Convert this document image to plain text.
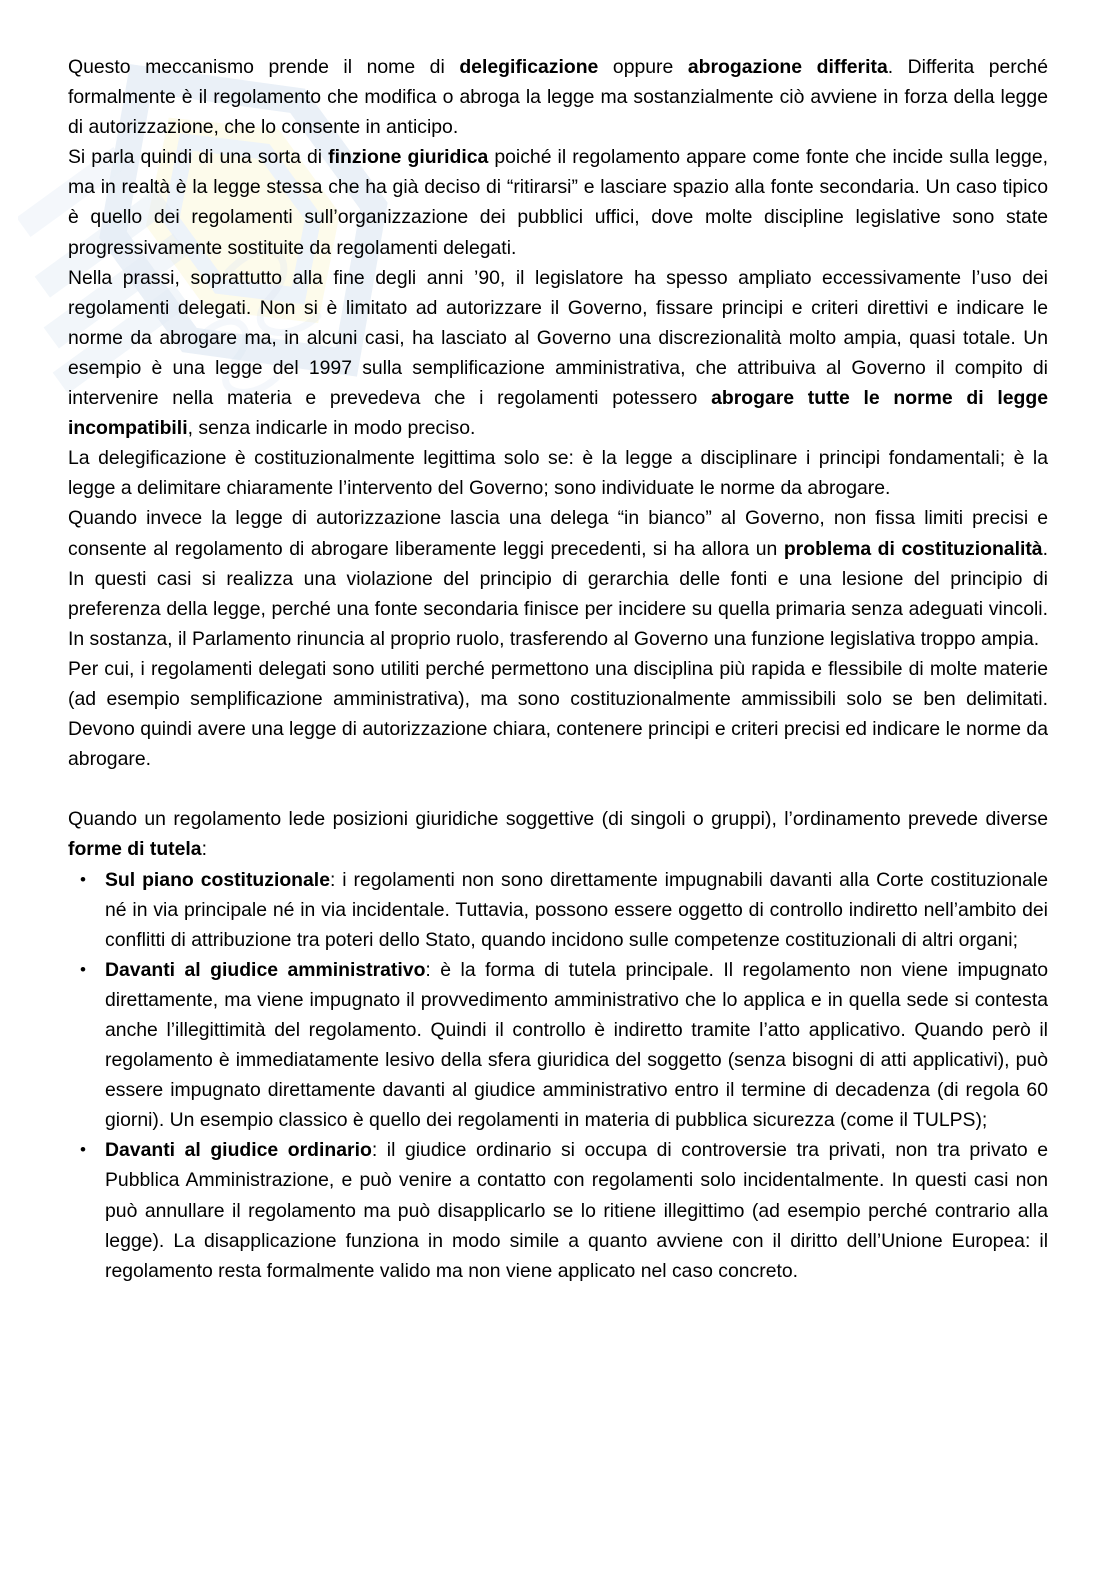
Questo meccanismo prende il nome di delegificazione oppure abrogazione differita. Differita perché formalmente è il regolamento che modifica o abroga la legge ma sostanzialmente ciò avviene in forza della legge di autorizzazione, che lo consente in anticipo.

Si parla quindi di una sorta di finzione giuridica poiché il regolamento appare come fonte che incide sulla legge, ma in realtà è la legge stessa che ha già deciso di “ritirarsi” e lasciare spazio alla fonte secondaria. Un caso tipico è quello dei regolamenti sull’organizzazione dei pubblici uffici, dove molte discipline legislative sono state progressivamente sostituite da regolamenti delegati.

Nella prassi, soprattutto alla fine degli anni ’90, il legislatore ha spesso ampliato eccessivamente l’uso dei regolamenti delegati. Non si è limitato ad autorizzare il Governo, fissare principi e criteri direttivi e indicare le norme da abrogare ma, in alcuni casi, ha lasciato al Governo una discrezionalità molto ampia, quasi totale. Un esempio è una legge del 1997 sulla semplificazione amministrativa, che attribuiva al Governo il compito di intervenire nella materia e prevedeva che i regolamenti potessero abrogare tutte le norme di legge incompatibili, senza indicarle in modo preciso.

La delegificazione è costituzionalmente legittima solo se: è la legge a disciplinare i principi fondamentali; è la legge a delimitare chiaramente l’intervento del Governo; sono individuate le norme da abrogare.

Quando invece la legge di autorizzazione lascia una delega “in bianco” al Governo, non fissa limiti precisi e consente al regolamento di abrogare liberamente leggi precedenti, si ha allora un problema di costituzionalità. In questi casi si realizza una violazione del principio di gerarchia delle fonti e una lesione del principio di preferenza della legge, perché una fonte secondaria finisce per incidere su quella primaria senza adeguati vincoli. In sostanza, il Parlamento rinuncia al proprio ruolo, trasferendo al Governo una funzione legislativa troppo ampia.

Per cui, i regolamenti delegati sono utiliti perché permettono una disciplina più rapida e flessibile di molte materie (ad esempio semplificazione amministrativa), ma sono costituzionalmente ammissibili solo se ben delimitati. Devono quindi avere una legge di autorizzazione chiara, contenere principi e criteri precisi ed indicare le norme da abrogare.

Quando un regolamento lede posizioni giuridiche soggettive (di singoli o gruppi), l’ordinamento prevede diverse forme di tutela:

• Sul piano costituzionale: i regolamenti non sono direttamente impugnabili davanti alla Corte costituzionale né in via principale né in via incidentale. Tuttavia, possono essere oggetto di controllo indiretto nell’ambito dei conflitti di attribuzione tra poteri dello Stato, quando incidono sulle competenze costituzionali di altri organi;
• Davanti al giudice amministrativo: è la forma di tutela principale. Il regolamento non viene impugnato direttamente, ma viene impugnato il provvedimento amministrativo che lo applica e in quella sede si contesta anche l’illegittimità del regolamento. Quindi il controllo è indiretto tramite l’atto applicativo. Quando però il regolamento è immediatamente lesivo della sfera giuridica del soggetto (senza bisogni di atti applicativi), può essere impugnato direttamente davanti al giudice amministrativo entro il termine di decadenza (di regola 60 giorni). Un esempio classico è quello dei regolamenti in materia di pubblica sicurezza (come il TULPS);
• Davanti al giudice ordinario: il giudice ordinario si occupa di controversie tra privati, non tra privato e Pubblica Amministrazione, e può venire a contatto con regolamenti solo incidentalmente. In questi casi non può annullare il regolamento ma può disapplicarlo se lo ritiene illegittimo (ad esempio perché contrario alla legge). La disapplicazione funziona in modo simile a quanto avviene con il diritto dell’Unione Europea: il regolamento resta formalmente valido ma non viene applicato nel caso concreto.
